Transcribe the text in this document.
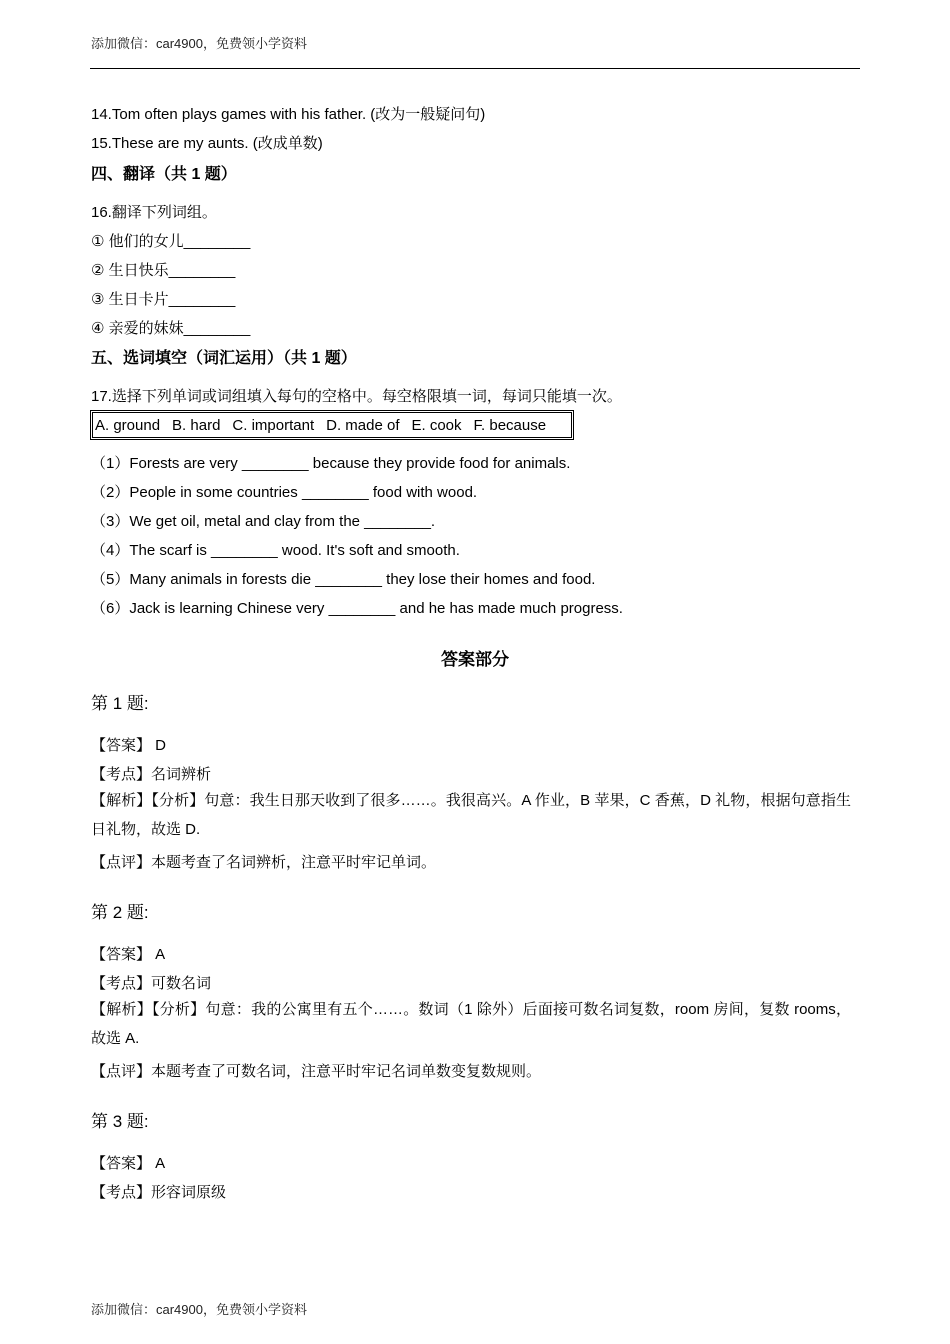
添加微信：car4900，免费领小学资料
14.Tom often plays games with his father. (改为一般疑问句)
15.These are my aunts. (改成单数)
四、翻译（共 1 题）
16.翻译下列词组。
① 他们的女儿________
② 生日快乐________
③ 生日卡片________
④ 亲爱的妹妹________
五、选词填空（词汇运用）（共 1 题）
17.选择下列单词或词组填入每句的空格中。每空格限填一词，每词只能填一次。
A. ground B. hard C. important D. made of E. cook F. because
（1）Forests are very ________ because they provide food for animals.
（2）People in some countries ________ food with wood.
（3）We get oil, metal and clay from the ________.
（4）The scarf is ________ wood. It's soft and smooth.
（5）Many animals in forests die ________ they lose their homes and food.
（6）Jack is learning Chinese very ________ and he has made much progress.
答案部分
第 1 题:
【答案】 D
【考点】名词辨析
【解析】【分析】句意：我生日那天收到了很多……。我很高兴。A 作业，B 苹果，C 香蕉，D 礼物，根据句意指生日礼物，故选 D.
【点评】本题考查了名词辨析，注意平时牢记单词。
第 2 题:
【答案】 A
【考点】可数名词
【解析】【分析】句意：我的公寓里有五个……。数词（1 除外）后面接可数名词复数，room 房间，复数 rooms，故选 A.
【点评】本题考查了可数名词，注意平时牢记名词单数变复数规则。
第 3 题:
【答案】 A
【考点】形容词原级
添加微信：car4900，免费领小学资料
